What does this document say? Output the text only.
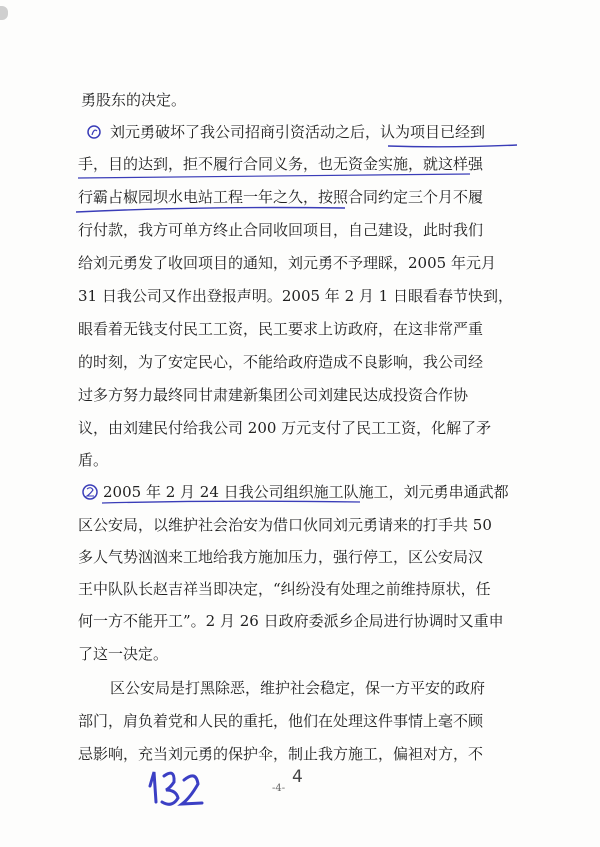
勇股东的决定。
刘元勇破坏了我公司招商引资活动之后，认为项目已经到
手，目的达到，拒不履行合同义务，也无资金实施，就这样强
行霸占椒园坝水电站工程一年之久，按照合同约定三个月不履
行付款，我方可单方终止合同收回项目，自己建设，此时我们
给刘元勇发了收回项目的通知，刘元勇不予理睬，2005 年元月
31 日我公司又作出登报声明。2005 年 2 月 1 日眼看春节快到，
眼看着无钱支付民工工资，民工要求上访政府，在这非常严重
的时刻，为了安定民心，不能给政府造成不良影响，我公司经
过多方努力最终同甘肃建新集团公司刘建民达成投资合作协
议，由刘建民付给我公司 200 万元支付了民工工资，化解了矛
盾。
2005 年 2 月 24 日我公司组织施工队施工，刘元勇串通武都
区公安局，以维护社会治安为借口伙同刘元勇请来的打手共 50
多人气势汹汹来工地给我方施加压力，强行停工，区公安局汉
王中队队长赵吉祥当即决定，“纠纷没有处理之前维持原状，任
何一方不能开工”。2 月 26 日政府委派乡企局进行协调时又重申
了这一决定。
区公安局是打黑除恶，维护社会稳定，保一方平安的政府
部门，肩负着党和人民的重托，他们在处理这件事情上毫不顾
忌影响，充当刘元勇的保护伞，制止我方施工，偏袒对方，不
4
-4-
